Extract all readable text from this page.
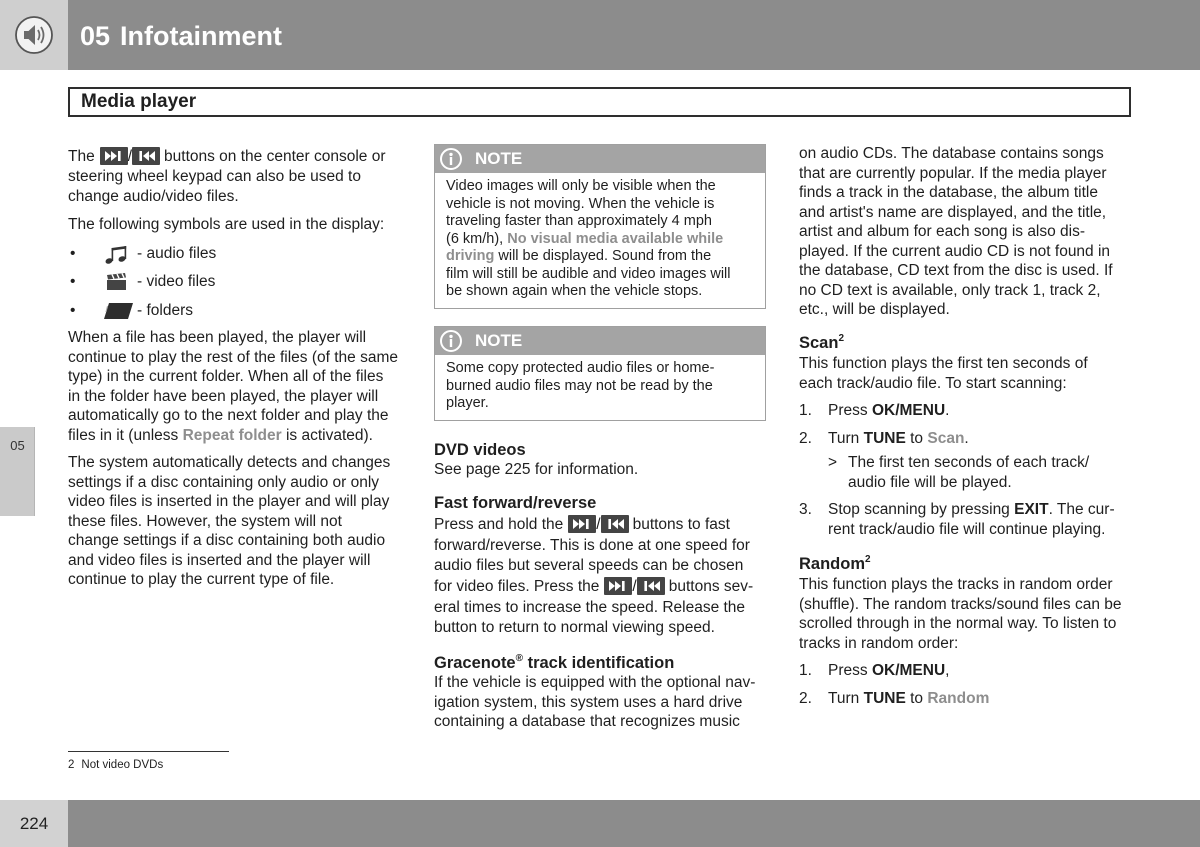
05 Infotainment
Media player
05
The / buttons on the center console or
steering wheel keypad can also be used to
change audio/video files.
The following symbols are used in the display:
•
- audio files
•
- video files
•
- folders
When a file has been played, the player will
continue to play the rest of the files (of the same
type) in the current folder. When all of the files
in the folder have been played, the player will
automatically go to the next folder and play the
files in it (unless Repeat folder is activated).
The system automatically detects and changes
settings if a disc containing only audio or only
video files is inserted in the player and will play
these files. However, the system will not
change settings if a disc containing both audio
and video files is inserted and the player will
continue to play the current type of file.
NOTE
Video images will only be visible when the
vehicle is not moving. When the vehicle is
traveling faster than approximately 4 mph
(6 km/h), No visual media available while
driving will be displayed. Sound from the
film will still be audible and video images will
be shown again when the vehicle stops.
NOTE
Some copy protected audio files or home-
burned audio files may not be read by the
player.
DVD videos
See page 225 for information.
Fast forward/reverse
Press and hold the / buttons to fast
forward/reverse. This is done at one speed for
audio files but several speeds can be chosen
for video files. Press the / buttons sev-
eral times to increase the speed. Release the
button to return to normal viewing speed.
Gracenote® track identification
If the vehicle is equipped with the optional nav-
igation system, this system uses a hard drive
containing a database that recognizes music
on audio CDs. The database contains songs
that are currently popular. If the media player
finds a track in the database, the album title
and artist's name are displayed, and the title,
artist and album for each song is also dis-
played. If the current audio CD is not found in
the database, CD text from the disc is used. If
no CD text is available, only track 1, track 2,
etc., will be displayed.
Scan$^2$
This function plays the first ten seconds of
each track/audio file. To start scanning:
1. Press OK/MENU.
2. Turn TUNE to Scan.
> The first ten seconds of each track/
audio file will be played.
3. Stop scanning by pressing EXIT. The cur-
rent track/audio file will continue playing.
Random$^2$
This function plays the tracks in random order
(shuffle). The random tracks/sound files can be
scrolled through in the normal way. To listen to
tracks in random order:
1. Press OK/MENU,
2. Turn TUNE to Random
2 Not video DVDs
224
